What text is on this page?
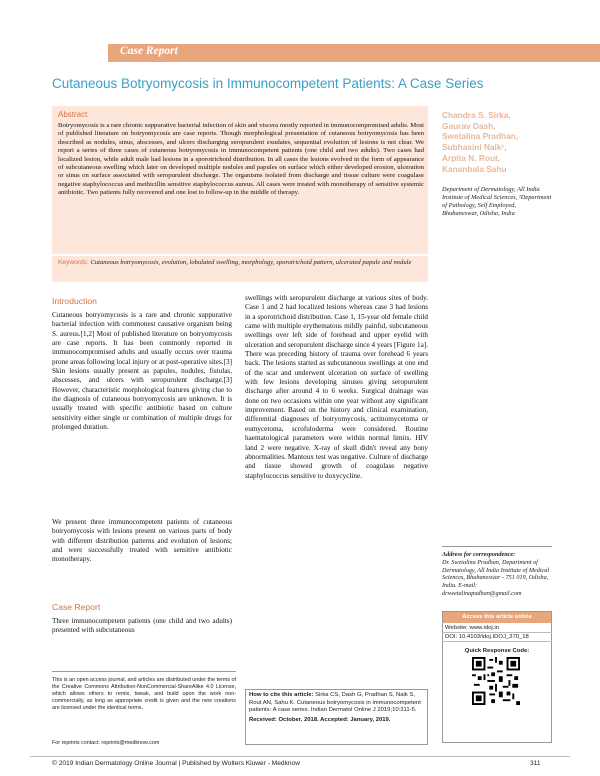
Case Report
Cutaneous Botryomycosis in Immunocompetent Patients: A Case Series
Abstract
Botryomycosis is a rare chronic suppurative bacterial infection of skin and viscera mostly reported in immunocompromised adults. Most of published literature on botryomycosis are case reports. Though morphological presentation of cutaneous botryomycosis has been described as nodules, sinus, abscesses, and ulcers discharging seropurulent exudates, sequential evolution of lesions is not clear. We report a series of three cases of cutaneous botryomycosis in immunocompetent patients (one child and two adults). Two cases had localized lesion, while adult male had lesions in a sporotrichoid distribution. In all cases the lesions evolved in the form of appearance of subcutaneous swelling which later on developed multiple nodules and papules on surface which either developed erosion, ulceration or sinus on surface associated with seropurulent discharge. The organisms isolated from discharge and tissue culture were coagulase negative staphylococcus and methicillin sensitive staphylococcus aureus. All cases were treated with monotherapy of sensitive systemic antibiotic. Two patients fully recovered and one lost to follow-up in the middle of therapy.
Chandra S. Sirka,
Gaurav Dash,
Swetalina Pradhan,
Subhasini Naik¹,
Arpita N. Rout,
Kananbala Sahu
Department of Dermatology, All India Institute of Medical Sciences, ¹Department of Pathology, Self Employed, Bhubaneswar, Odisha, India
Keywords: Cutaneous botryomycosis, evolution, lobulated swelling, morphology, sporotrichoid pattern, ulcerated papule and nodule
Introduction
Cutaneous botryomycosis is a rare and chronic suppurative bacterial infection with commonest causative organism being S. aureus.[1,2] Most of published literature on botryomycosis are case reports. It has been commonly reported in immunocompromised adults and usually occurs over trauma prone areas following local injury or at post-operative sites.[3] Skin lesions usually present as papules, nodules, fistulas, abscesses, and ulcers with seropurulent discharge.[3] However, characteristic morphological features giving clue to the diagnosis of cutaneous botryomycosis are unknown. It is usually treated with specific antibiotic based on culture sensitivity either single or combination of multiple drugs for prolonged duration.
We present three immunocompetent patients of cutaneous botryomycosis with lesions present on various parts of body with different distribution patterns and evolution of lesions; and were successfully treated with sensitive antibiotic monotherapy.
Case Report
Three immunocompetent patients (one child and two adults) presented with subcutaneous
This is an open access journal, and articles are distributed under the terms of the Creative Commons Attribution-NonCommercial-ShareAlike 4.0 License, which allows others to remix, tweak, and build upon the work non-commercially, as long as appropriate credit is given and the new creations are licensed under the identical terms.
For reprints contact: reprints@medknow.com
swellings with seropurulent discharge at various sites of body. Case 1 and 2 had localized lesions whereas case 3 had lesions in a sporotrichoid distribution. Case 1, 15-year old female child came with multiple erythematous mildly painful, subcutaneous swellings over left side of forehead and upper eyelid with ulceration and seropurulent discharge since 4 years [Figure 1a]. There was preceding history of trauma over forehead 6 years back. The lesions started as subcutaneous swellings at one end of the scar and underwent ulceration on surface of swelling with few lesions developing sinuses giving seropurulent discharge after around 4 to 6 weeks. Surgical drainage was done on two occasions within one year without any significant improvement. Based on the history and clinical examination, differential diagnoses of botryomycosis, actinomycetoma or eumycetoma, scrofuloderma were considered. Routine haematological parameters were within normal limits. HIV land 2 were negative. X-ray of skull didn't reveal any bony abnormalities. Mantoux test was negative. Culture of discharge and tissue showed growth of coagulase negative staphylococcus sensitive to doxycycline.
How to cite this article: Sirka CS, Dash G, Pradhan S, Naik S, Rout AN, Sahu K. Cutaneous botryomycosis in immunocompetent patients: A case series. Indian Dermatol Online J 2019;10:311-5.
Received: October, 2018. Accepted: January, 2019.
Address for correspondence:
Dr. Swetalina Pradhan, Department of Dermatology, All India Institute of Medical Sciences, Bhubaneswar - 751 019, Odisha, India. E-mail: drswetalinapadhan@gmail.com
Access this article online
Website: www.idoj.in
DOI: 10.4103/idoj.IDOJ_370_18
Quick Response Code:
© 2019 Indian Dermatology Online Journal | Published by Wolters Kluwer - Medknow	311
